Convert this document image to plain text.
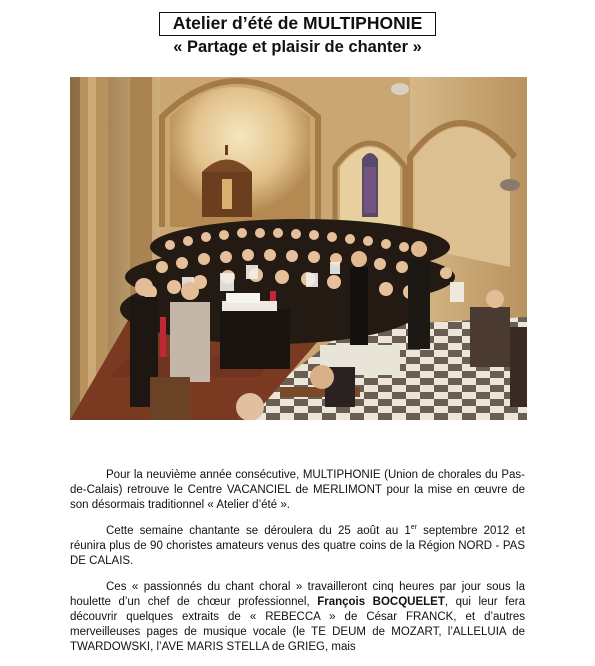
Atelier d’été de MULTIPHONIE
« Partage et plaisir de chanter »

Pour la neuvième année consécutive, MULTIPHONIE (Union de chorales du Pas-de-Calais) retrouve le Centre VACANCIEL de MERLIMONT pour la mise en œuvre de son désormais traditionnel « Atelier d’été ».

Cette semaine chantante se déroulera du 25 août au 1er septembre 2012 et réunira plus de 90 choristes amateurs venus des quatre coins de la Région NORD - PAS DE CALAIS.

Ces « passionnés du chant choral » travailleront cinq heures par jour sous la houlette d’un chef de chœur professionnel, François BOCQUELET, qui leur fera découvrir quelques extraits de « REBECCA » de César FRANCK, et d’autres merveilleuses pages de musique vocale (le TE DEUM de MOZART, l’ALLELUIA de TWARDOWSKI, l’AVE MARIS STELLA de GRIEG, mais
